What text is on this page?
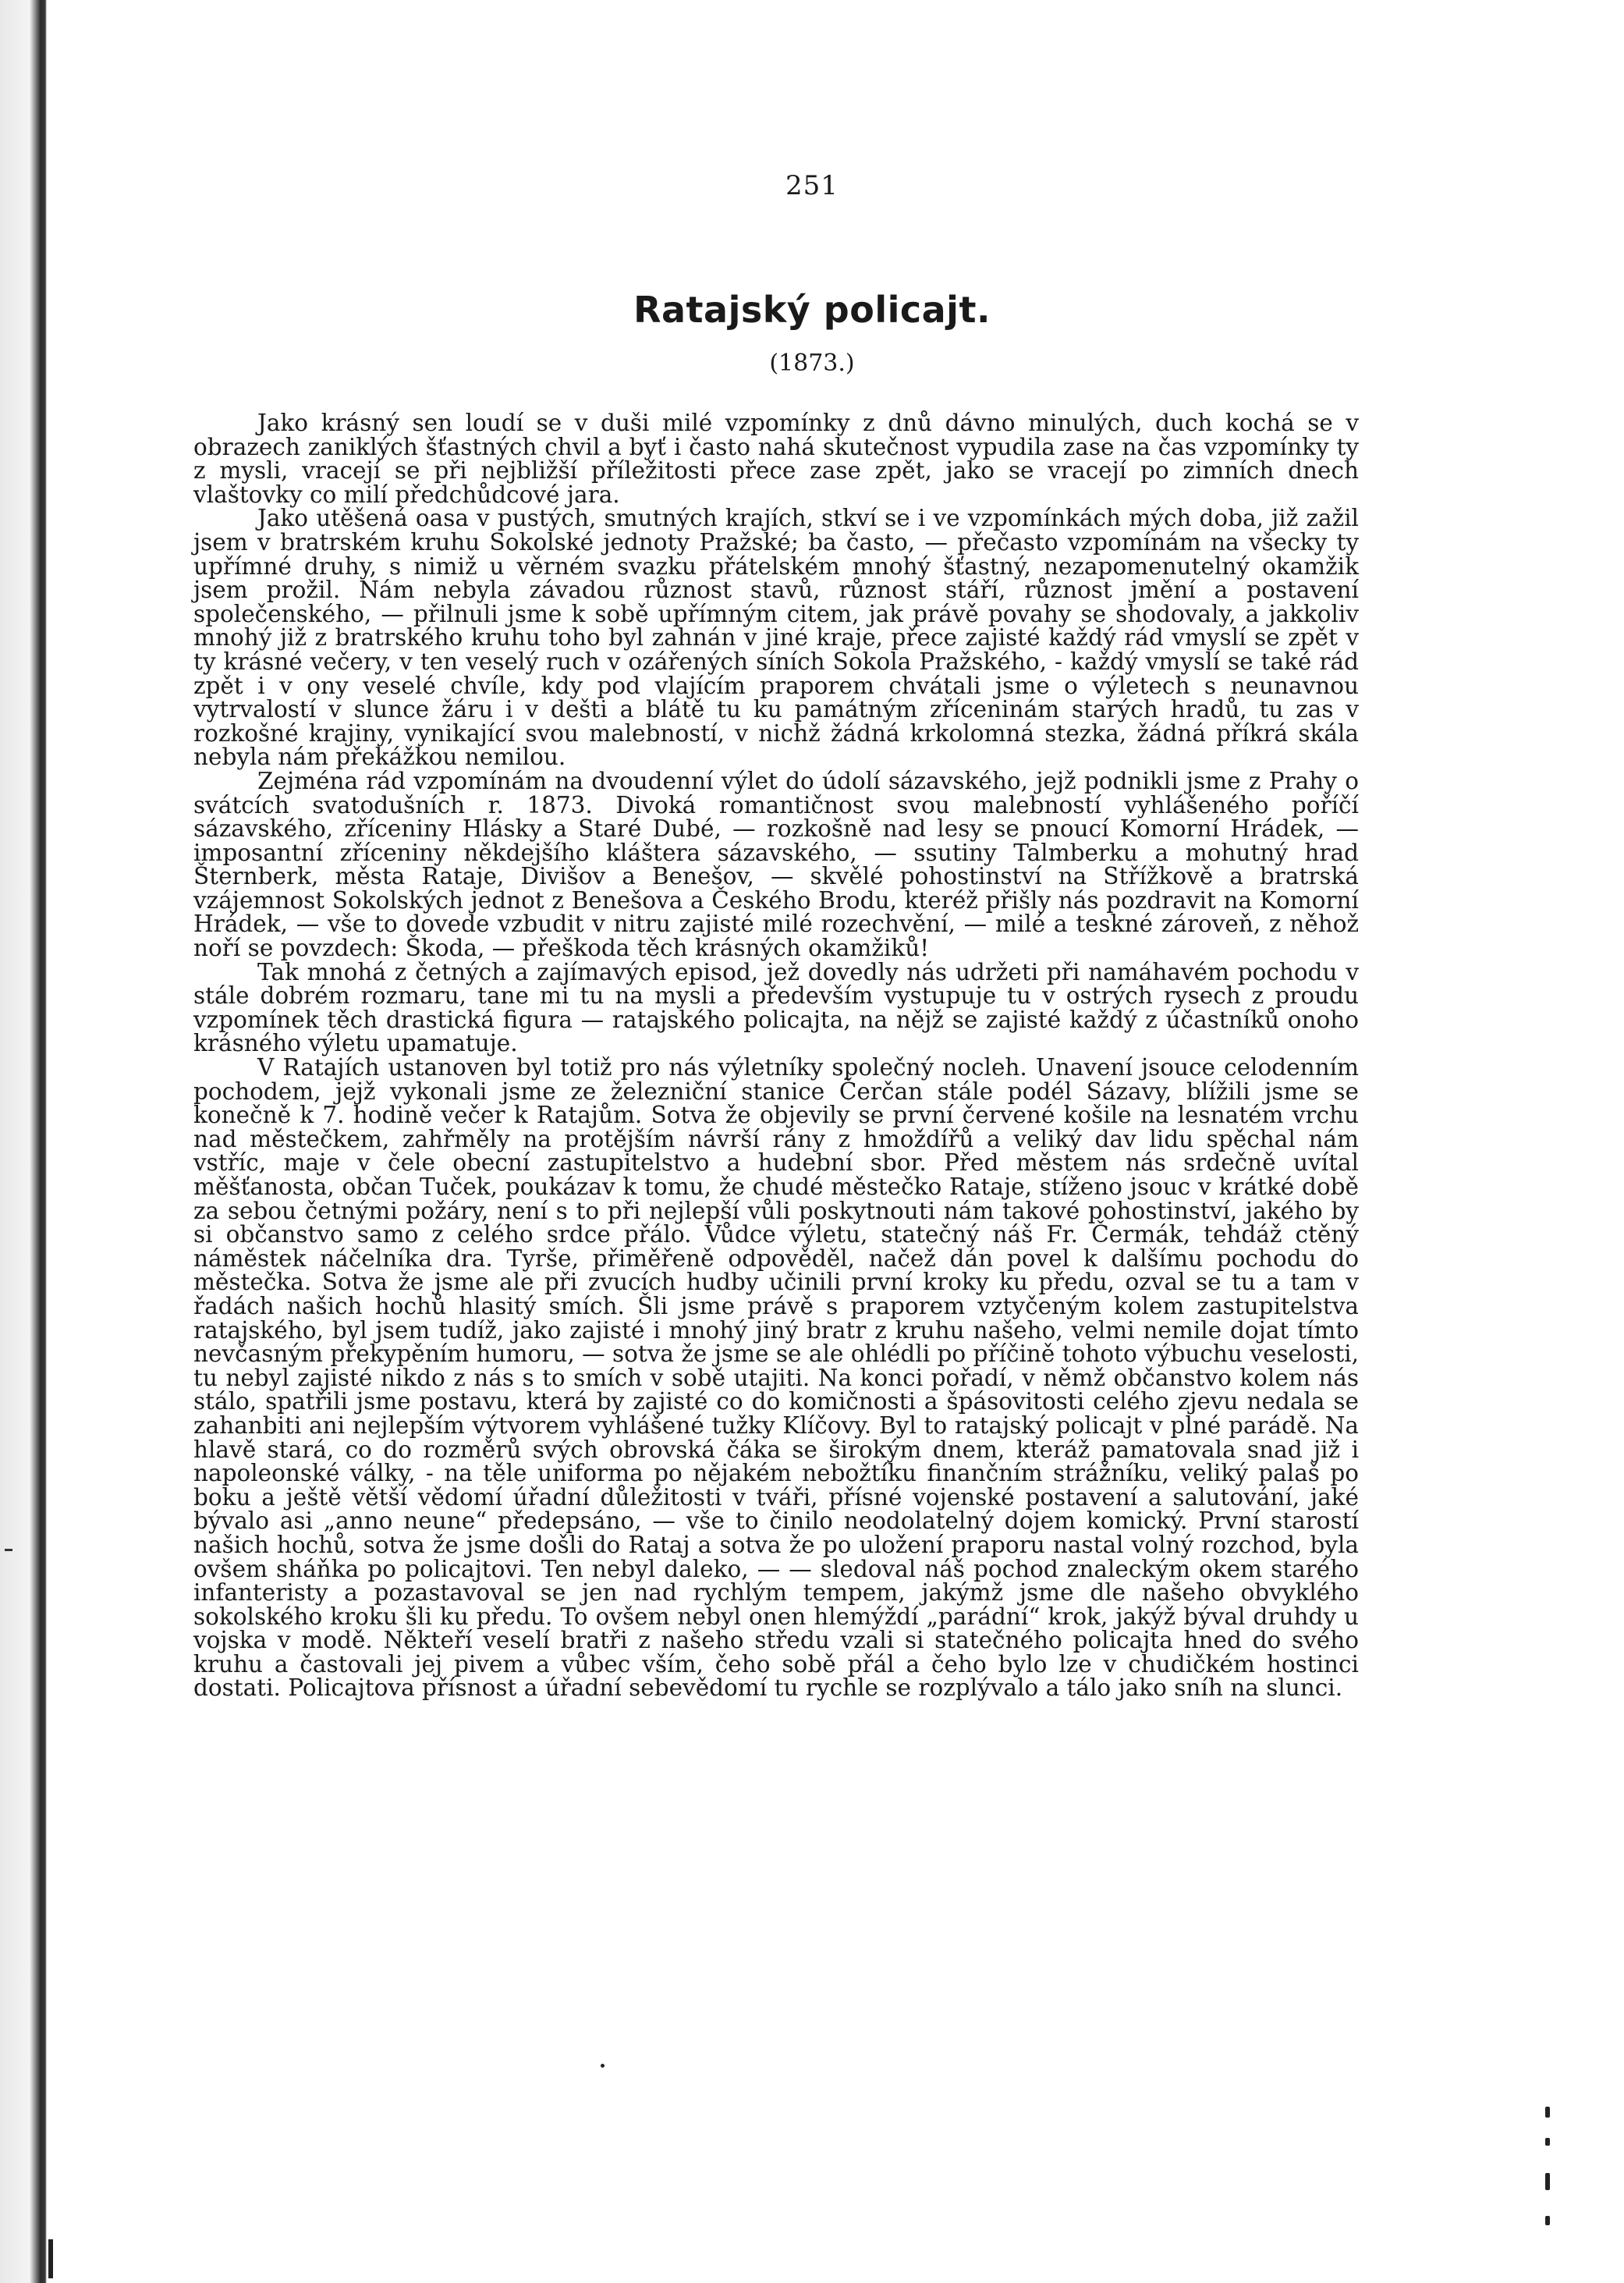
251
Ratajský policajt.
(1873.)

Jako krásný sen loudí se v duši milé vzpomínky z dnů dávno minulých, duch kochá se v obrazech zaniklých šťastných chvil a byť i často nahá skutečnost vypudila zase na čas vzpomínky ty z mysli, vracejí se při nejbližší příležitosti přece zase zpět, jako se vracejí po zimních dnech vlaštovky co milí předchůdcové jara.

Jako utěšená oasa v pustých, smutných krajích, stkví se i ve vzpomínkách mých doba, již zažil jsem v bratrském kruhu Sokolské jednoty Pražské; ba často, — přečasto vzpomínám na všecky ty upřímné druhy, s nimiž u věrném svazku přátelském mnohý šťastný, nezapomenutelný okamžik jsem prožil. Nám nebyla závadou různost stavů, různost stáří, různost jmění a postavení společenského, — přilnuli jsme k sobě upřímným citem, jak právě povahy se shodovaly, a jakkoliv mnohý již z bratrského kruhu toho byl zahnán v jiné kraje, přece zajisté každý rád vmyslí se zpět v ty krásné večery, v ten veselý ruch v ozářených síních Sokola Pražského, - každý vmyslí se také rád zpět i v ony veselé chvíle, kdy pod vlajícím praporem chvátali jsme o výletech s neunavnou vytrvalostí v slunce žáru i v dešti a blátě tu ku památným zříceninám starých hradů, tu zas v rozkošné krajiny, vynikající svou malebností, v nichž žádná krkolomná stezka, žádná příkrá skála nebyla nám překážkou nemilou.

Zejména rád vzpomínám na dvoudenní výlet do údolí sázavského, jejž podnikli jsme z Prahy o svátcích svatodušních r. 1873. Divoká romantičnost svou malebností vyhlášeného poříčí sázavského, zříceniny Hlásky a Staré Dubé, — rozkošně nad lesy se pnoucí Komorní Hrádek, — imposantní zříceniny někdejšího kláštera sázavského, — ssutiny Talmberku a mohutný hrad Šternberk, města Rataje, Divišov a Benešov, — skvělé pohostinství na Střížkově a bratrská vzájemnost Sokolských jednot z Benešova a Českého Brodu, kteréž přišly nás pozdravit na Komorní Hrádek, — vše to dovede vzbudit v nitru zajisté milé rozechvění, — milé a teskné zároveň, z něhož noří se povzdech: Škoda, — přeškoda těch krásných okamžiků!

Tak mnohá z četných a zajímavých episod, jež dovedly nás udržeti při namáhavém pochodu v stále dobrém rozmaru, tane mi tu na mysli a především vystupuje tu v ostrých rysech z proudu vzpomínek těch drastická figura — ratajského policajta, na nějž se zajisté každý z účastníků onoho krásného výletu upamatuje.

V Ratajích ustanoven byl totiž pro nás výletníky společný nocleh. Unavení jsouce celodenním pochodem, jejž vykonali jsme ze železniční stanice Čerčan stále podél Sázavy, blížili jsme se konečně k 7. hodině večer k Ratajům. Sotva že objevily se první červené košile na lesnatém vrchu nad městečkem, zahřměly na protějším návrší rány z hmoždířů a veliký dav lidu spěchal nám vstříc, maje v čele obecní zastupitelstvo a hudební sbor. Před městem nás srdečně uvítal měšťanosta, občan Tuček, poukázav k tomu, že chudé městečko Rataje, stíženo jsouc v krátké době za sebou četnými požáry, není s to při nejlepší vůli poskytnouti nám takové pohostinství, jakého by si občanstvo samo z celého srdce přálo. Vůdce výletu, statečný náš Fr. Čermák, tehdáž ctěný náměstek náčelníka dra. Tyrše, přiměřeně odpověděl, načež dán povel k dalšímu pochodu do městečka. Sotva že jsme ale při zvucích hudby učinili první kroky ku předu, ozval se tu a tam v řadách našich hochů hlasitý smích. Šli jsme právě s praporem vztyčeným kolem zastupitelstva ratajského, byl jsem tudíž, jako zajisté i mnohý jiný bratr z kruhu našeho, velmi nemile dojat tímto nevčasným překypěním humoru, — sotva že jsme se ale ohlédli po příčině tohoto výbuchu veselosti, tu nebyl zajisté nikdo z nás s to smích v sobě utajiti. Na konci pořadí, v němž občanstvo kolem nás stálo, spatřili jsme postavu, která by zajisté co do komičnosti a špásovitosti celého zjevu nedala se zahanbiti ani nejlepším výtvorem vyhlášené tužky Klíčovy. Byl to ratajský policajt v plné parádě. Na hlavě stará, co do rozměrů svých obrovská čáka se širokým dnem, kteráž pamatovala snad již i napoleonské války, - na těle uniforma po nějakém nebožtíku finančním strážníku, veliký palaš po boku a ještě větší vědomí úřadní důležitosti v tváři, přísné vojenské postavení a salutování, jaké bývalo asi „anno neune“ předepsáno, — vše to činilo neodolatelný dojem komický. První starostí našich hochů, sotva že jsme došli do Rataj a sotva že po uložení praporu nastal volný rozchod, byla ovšem sháňka po policajtovi. Ten nebyl daleko, — — sledoval náš pochod znaleckým okem starého infanteristy a pozastavoval se jen nad rychlým tempem, jakýmž jsme dle našeho obvyklého sokolského kroku šli ku předu. To ovšem nebyl onen hlemýždí „parádní“ krok, jakýž býval druhdy u vojska v modě. Někteří veselí bratři z našeho středu vzali si statečného policajta hned do svého kruhu a častovali jej pivem a vůbec vším, čeho sobě přál a čeho bylo lze v chudičkém hostinci dostati. Policajtova přísnost a úřadní sebevědomí tu rychle se rozplývalo a tálo jako sníh na slunci.
